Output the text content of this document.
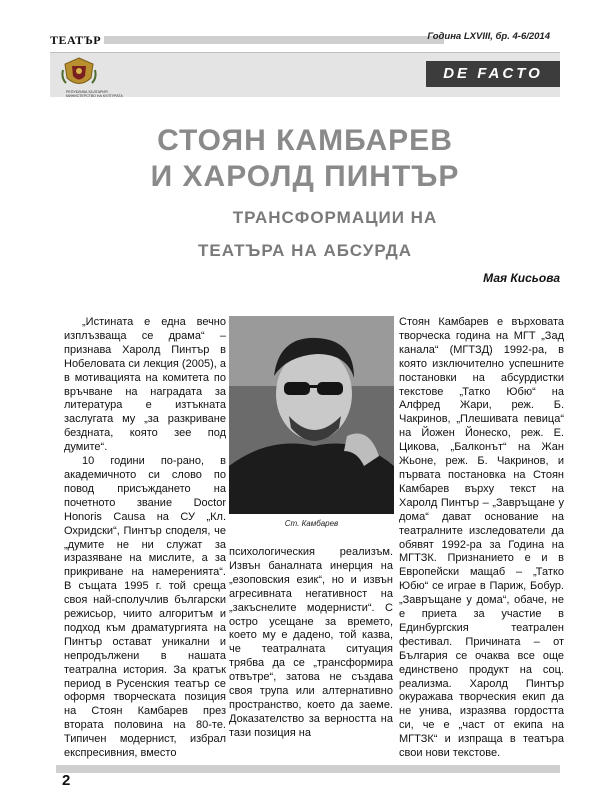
ТЕАТЪР	Година LXVIII, бр. 4-6/2014
РЕПУБЛИКА БЪЛГАРИЯ МИНИСТЕРСТВО НА КУЛТУРАТА
DE FACTO
СТОЯН КАМБАРЕВ
И ХАРОЛД ПИНТЪР
ТРАНСФОРМАЦИИ НА
ТЕАТЪРА НА АБСУРДА
Мая Кисьова

„Истината е една вечно изплъзваща се драма“ – признава Харолд Пинтър в Нобеловата си лекция (2005), а в мотивацията на комитета по връчване на наградата за литература е изтъкната заслугата му „за разкриване бездната, която зее под думите“.

10 години по-рано, в академичното си слово по повод присъждането на почетното звание Doctor Honoris Causa на СУ „Кл. Охридски“, Пинтър споделя, че „думите не ни служат за изразяване на мислите, а за прикриване на намеренията“. В същата 1995 г. той среща своя най-сполучлив български режисьор, чиито алгоритъм и подход към драматургията на Пинтър остават уникални и непродължени в нашата театрална история. За кратък период в Русенския театър се оформя творческата позиция на Стоян Камбарев през втората половина на 80-те. Типичен модернист, избрал експресивния, вместо

Ст. Камбарев

психологическия реализъм. Извън баналната инерция на „езоповския език“, но и извън агресивната негативност на „закъснелите модернисти“. С остро усещане за времето, което му е дадено, той казва, че театралната ситуация трябва да се „трансформира отвътре“, затова не създава своя трупа или алтернативно пространство, което да заеме. Доказателство за верността на тази позиция на

Стоян Камбарев е върховата творческа година на МГТ „Зад канала“ (МГТЗД) 1992-ра, в която изключително успешните постановки на абсурдистки текстове „Татко Юбю“ на Алфред Жари, реж. Б. Чакринов, „Плешивата певица“ на Йожен Йонеско, реж. Е. Цикова, „Балконът“ на Жан Жьоне, реж. Б. Чакринов, и първата постановка на Стоян Камбарев върху текст на Харолд Пинтър – „Завръщане у дома“ дават основание на театралните изследователи да обявят 1992-ра за Година на МГТЗК. Признанието е и в Европейски мащаб – „Татко Юбю“ се играе в Париж, Бобур. „Завръщане у дома“, обаче, не е приета за участие в Единбургския театрален фестивал. Причината – от България се очаква все още единствено продукт на соц. реализма. Харолд Пинтър окуражава творческия екип да не унива, изразява гордостта си, че е „част от екипа на МГТЗК“ и изпраща в театъра свои нови текстове.

2
